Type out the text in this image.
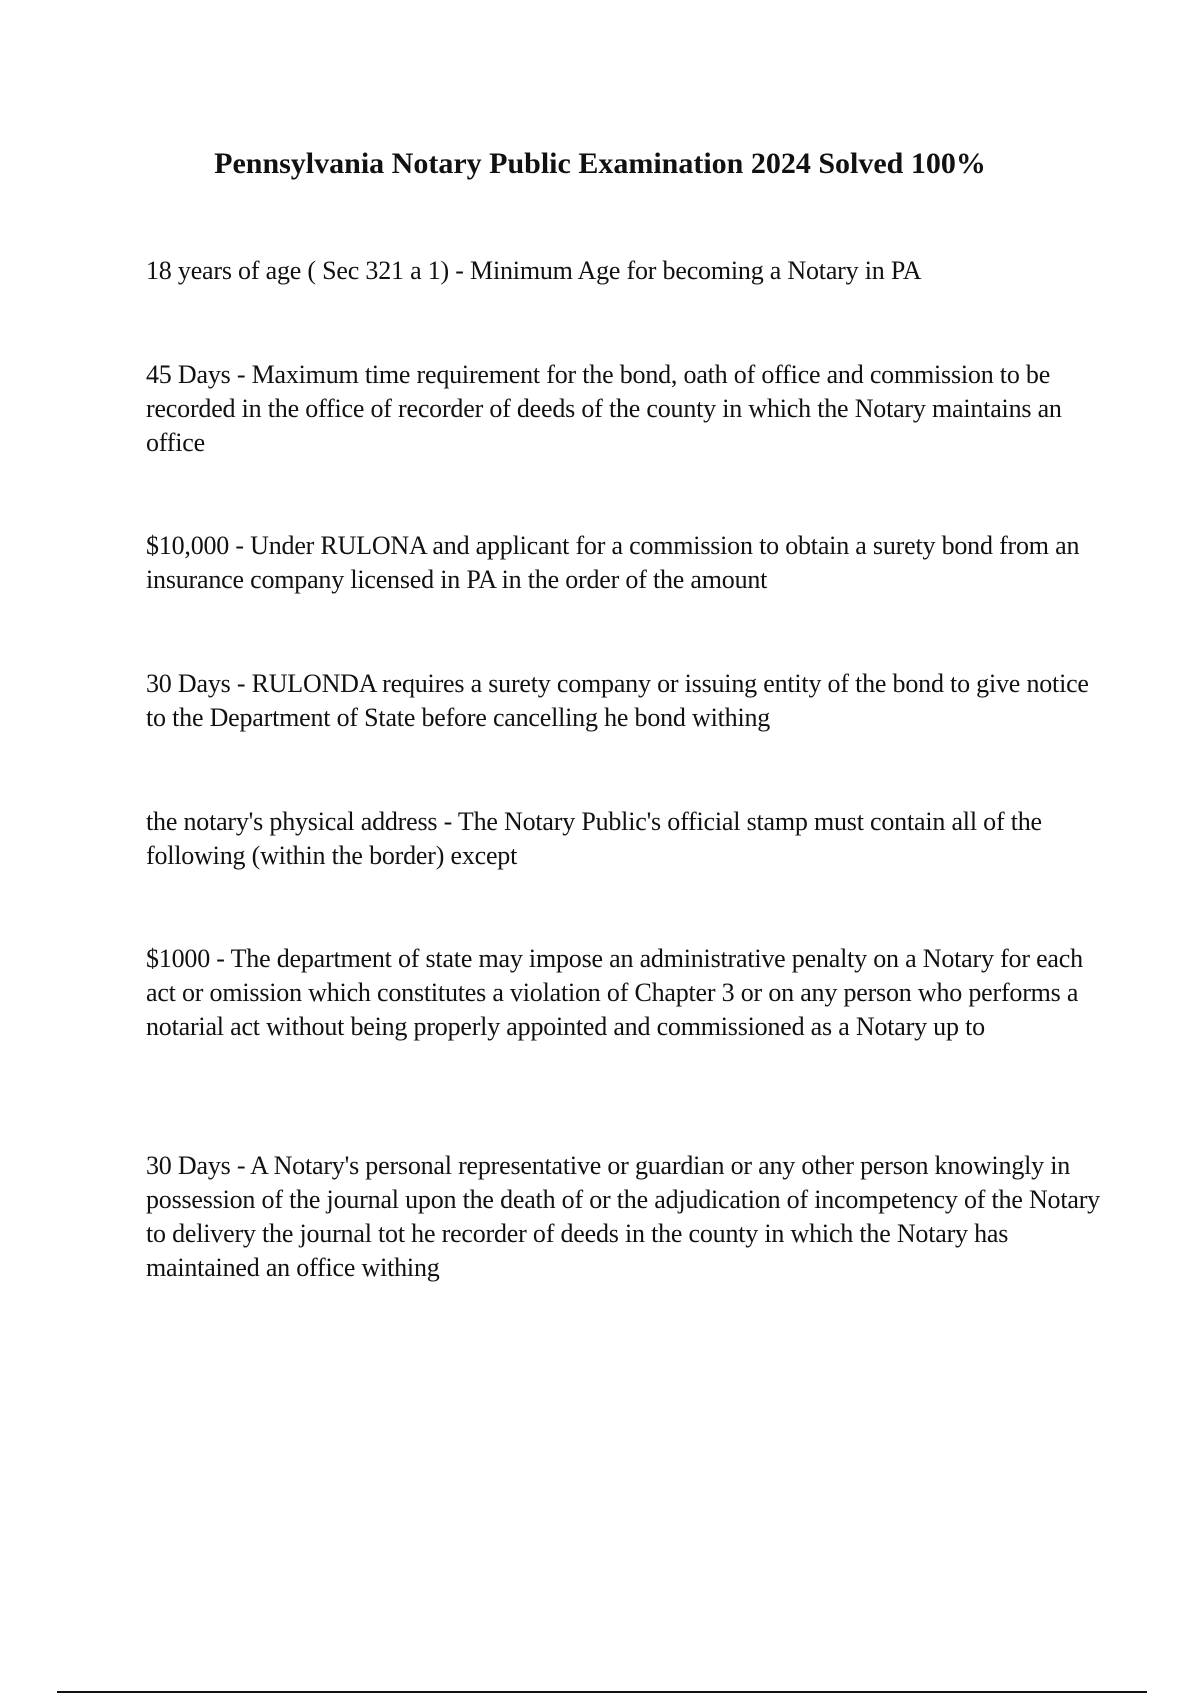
Pennsylvania Notary Public Examination 2024 Solved 100%

18 years of age ( Sec 321 a 1) - Minimum Age for becoming a Notary in PA

45 Days - Maximum time requirement for the bond, oath of office and commission to be recorded in the office of recorder of deeds of the county in which the Notary maintains an office

$10,000 - Under RULONA and applicant for a commission to obtain a surety bond from an insurance company licensed in PA in the order of the amount

30 Days - RULONDA requires a surety company or issuing entity of the bond to give notice to the Department of State before cancelling he bond withing

the notary's physical address - The Notary Public's official stamp must contain all of the following (within the border) except

$1000 - The department of state may impose an administrative penalty on a Notary for each act or omission which constitutes a violation of Chapter 3 or on any person who performs a notarial act without being properly appointed and commissioned as a Notary up to

30 Days - A Notary's personal representative or guardian or any other person knowingly in possession of the journal upon the death of or the adjudication of incompetency of the Notary to delivery the journal tot he recorder of deeds in the county in which the Notary has maintained an office withing
